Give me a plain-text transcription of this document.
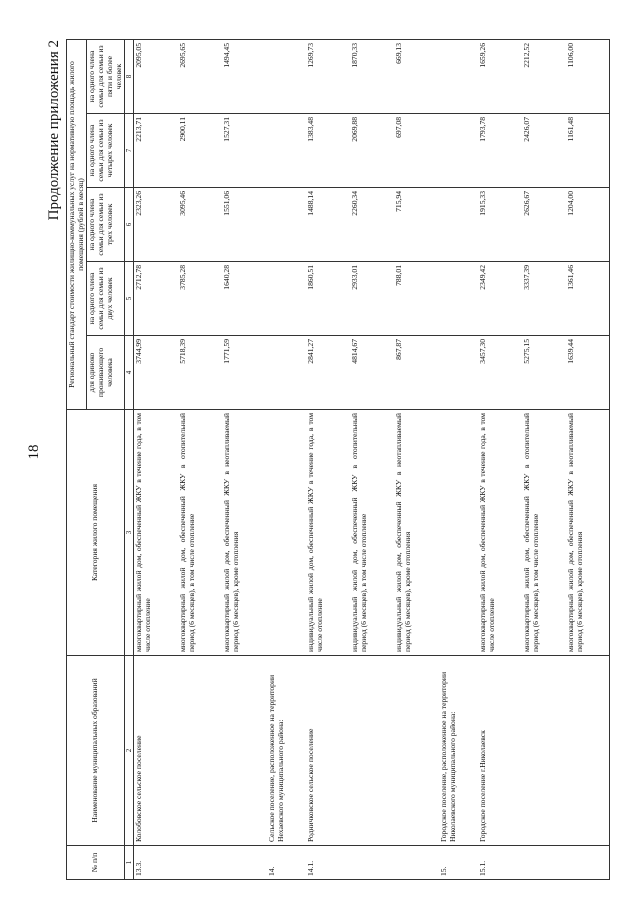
18
Продолжение приложения 2
№ п/п	Наименование муниципальных образований	Категория жилого помещения	Региональный стандарт стоимости жилищно-коммунальных услуг на нормативную площадь жилого помещения (рублей в месяц)				
			для одиноко проживающего человека	на одного члена семьи для семьи из двух человек	на одного члена семьи для семьи из трех человек	на одного члена семьи для семьи из четырех человек	на одного члена семьи для семьи из пяти и более человек
1	2	3	4	5	6	7	8
13.3.	Колобовское сельское поселение	многоквартирный жилой дом, обеспеченный ЖКУ в течение года, в том числе отопление	3744,99	2712,78	2323,26	2213,71	2095,05
		многоквартирный жилой дом, обеспеченный ЖКУ в отопительный период (6 месяцев), в том числе отопление	5718,39	3785,28	3095,46	2900,11	2695,65
		многоквартирный жилой дом, обеспеченный ЖКУ в неотапливаемый период (6 месяцев), кроме отопления	1771,59	1640,28	1551,06	1527,31	1494,45
14.	Сельское поселение, расположенное на территории Нехаевского муниципального района:						
14.1.	Родничковское сельское поселение	индивидуальный жилой дом, обеспеченный ЖКУ в течение года, в том числе отопление	2841,27	1860,51	1488,14	1383,48	1269,73
		индивидуальный жилой дом, обеспеченный ЖКУ в отопительный период (6 месяцев), в том числе отопление	4814,67	2933,01	2260,34	2069,88	1870,33
		индивидуальный жилой дом, обеспеченный ЖКУ в неотапливаемый период (6 месяцев), кроме отопления	867,87	788,01	715,94	697,08	669,13
15.	Городское поселение, расположенное на территории Николаевского муниципального района:						
15.1.	Городское поселение г.Николаевск	многоквартирный жилой дом, обеспеченный ЖКУ в течение года, в том числе отопление	3457,30	2349,42	1915,33	1793,78	1659,26
		многоквартирный жилой дом, обеспеченный ЖКУ в отопительный период (6 месяцев), в том числе отопление	5275,15	3337,39	2626,67	2426,07	2212,52
		многоквартирный жилой дом, обеспеченный ЖКУ в неотапливаемый период (6 месяцев), кроме отопления	1639,44	1361,46	1204,00	1161,48	1106,00
